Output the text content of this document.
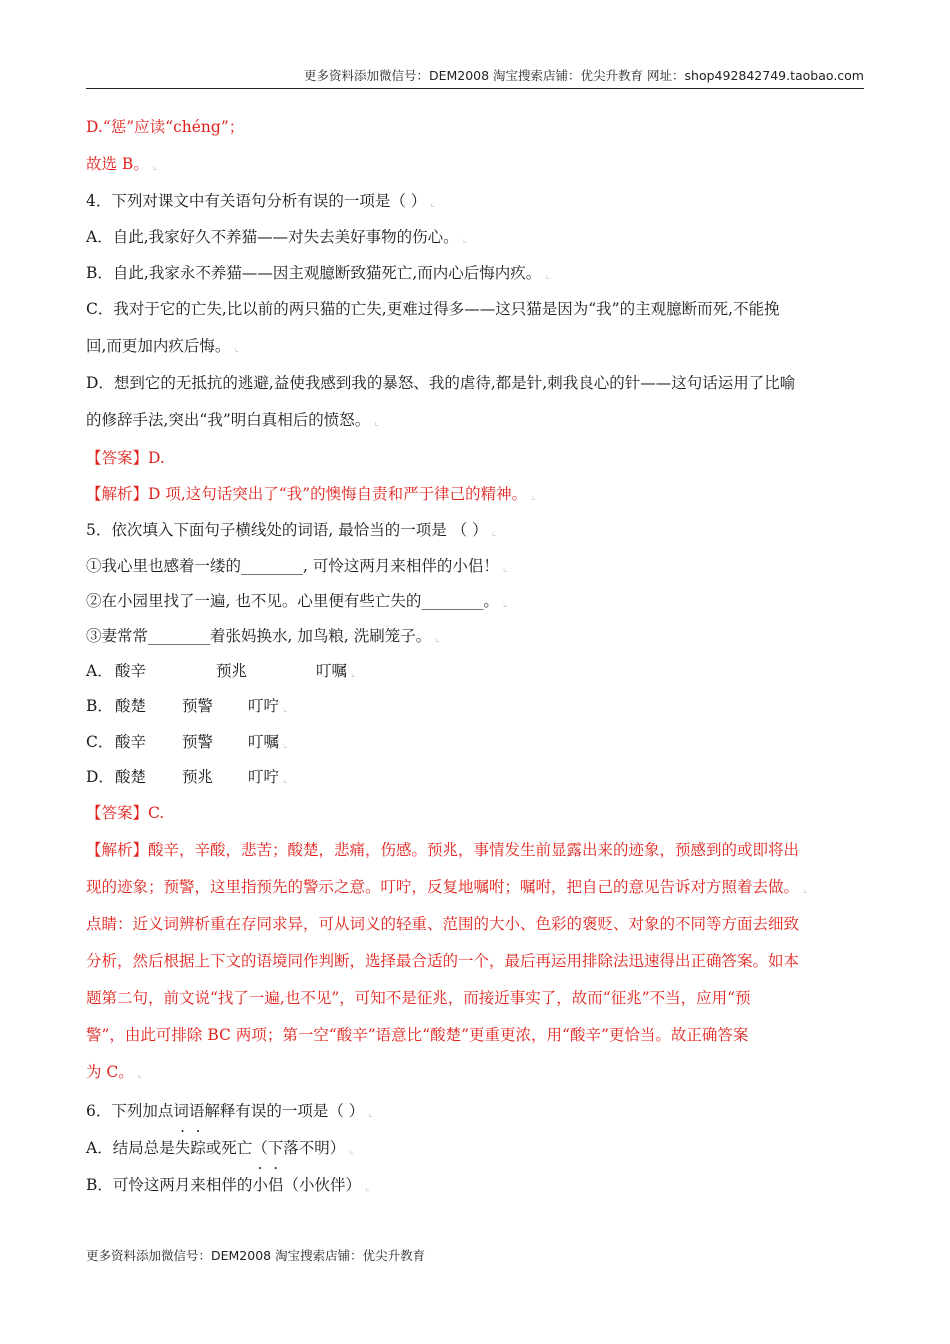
更多资料添加微信号：DEM2008 淘宝搜索店铺：优尖升教育 网址：shop492842749.taobao.com
D.“惩”应读“chéng”；
故选 B。 ⌞
4．下列对课文中有关语句分析有误的一项是（ ） ⌞
A．自此,我家好久不养猫——对失去美好事物的伤心。 ⌞
B．自此,我家永不养猫——因主观臆断致猫死亡,而内心后悔内疚。 ⌞
C．我对于它的亡失,比以前的两只猫的亡失,更难过得多——这只猫是因为“我”的主观臆断而死,不能挽
回,而更加内疚后悔。 ⌞
D．想到它的无抵抗的逃避,益使我感到我的暴怒、我的虐待,都是针,刺我良心的针——这句话运用了比喻
的修辞手法,突出“我”明白真相后的愤怒。 ⌞
【答案】D.
【解析】D 项,这句话突出了“我”的懊悔自责和严于律己的精神。 ⌞
5．依次填入下面句子横线处的词语, 最恰当的一项是 （ ） ⌞
①我心里也感着一缕的________, 可怜这两月来相伴的小侣！ ⌞
②在小园里找了一遍, 也不见。心里便有些亡失的________。 ⌞
③妻常常________着张妈换水, 加鸟粮, 洗刷笼子。 ⌞
A． 酸辛	预兆	叮嘱 ⌞
B． 酸楚 预警 叮咛 ⌞
C． 酸辛 预警 叮嘱 ⌞
D． 酸楚 预兆 叮咛 ⌞
【答案】C.
【解析】酸辛，辛酸，悲苦；酸楚，悲痛，伤感。预兆，事情发生前显露出来的迹象，预感到的或即将出
现的迹象；预警，这里指预先的警示之意。叮咛，反复地嘱咐；嘱咐，把自己的意见告诉对方照着去做。 ⌞
点睛：近义词辨析重在存同求异，可从词义的轻重、范围的大小、色彩的褒贬、对象的不同等方面去细致
分析，然后根据上下文的语境同作判断，选择最合适的一个，最后再运用排除法迅速得出正确答案。如本
题第二句，前文说“找了一遍,也不见”，可知不是征兆，而接近事实了，故而“征兆”不当，应用“预
警”，由此可排除 BC 两项；第一空“酸辛”语意比“酸楚”更重更浓，用“酸辛”更恰当。故正确答案
为 C。 ⌞
6．下列加点词语解释有误的一项是（ ） ⌞
A．结局总是失踪或死亡（下落不明） ⌞
B．可怜这两月来相伴的小侣（小伙伴） ⌞
更多资料添加微信号：DEM2008 淘宝搜索店铺：优尖升教育
